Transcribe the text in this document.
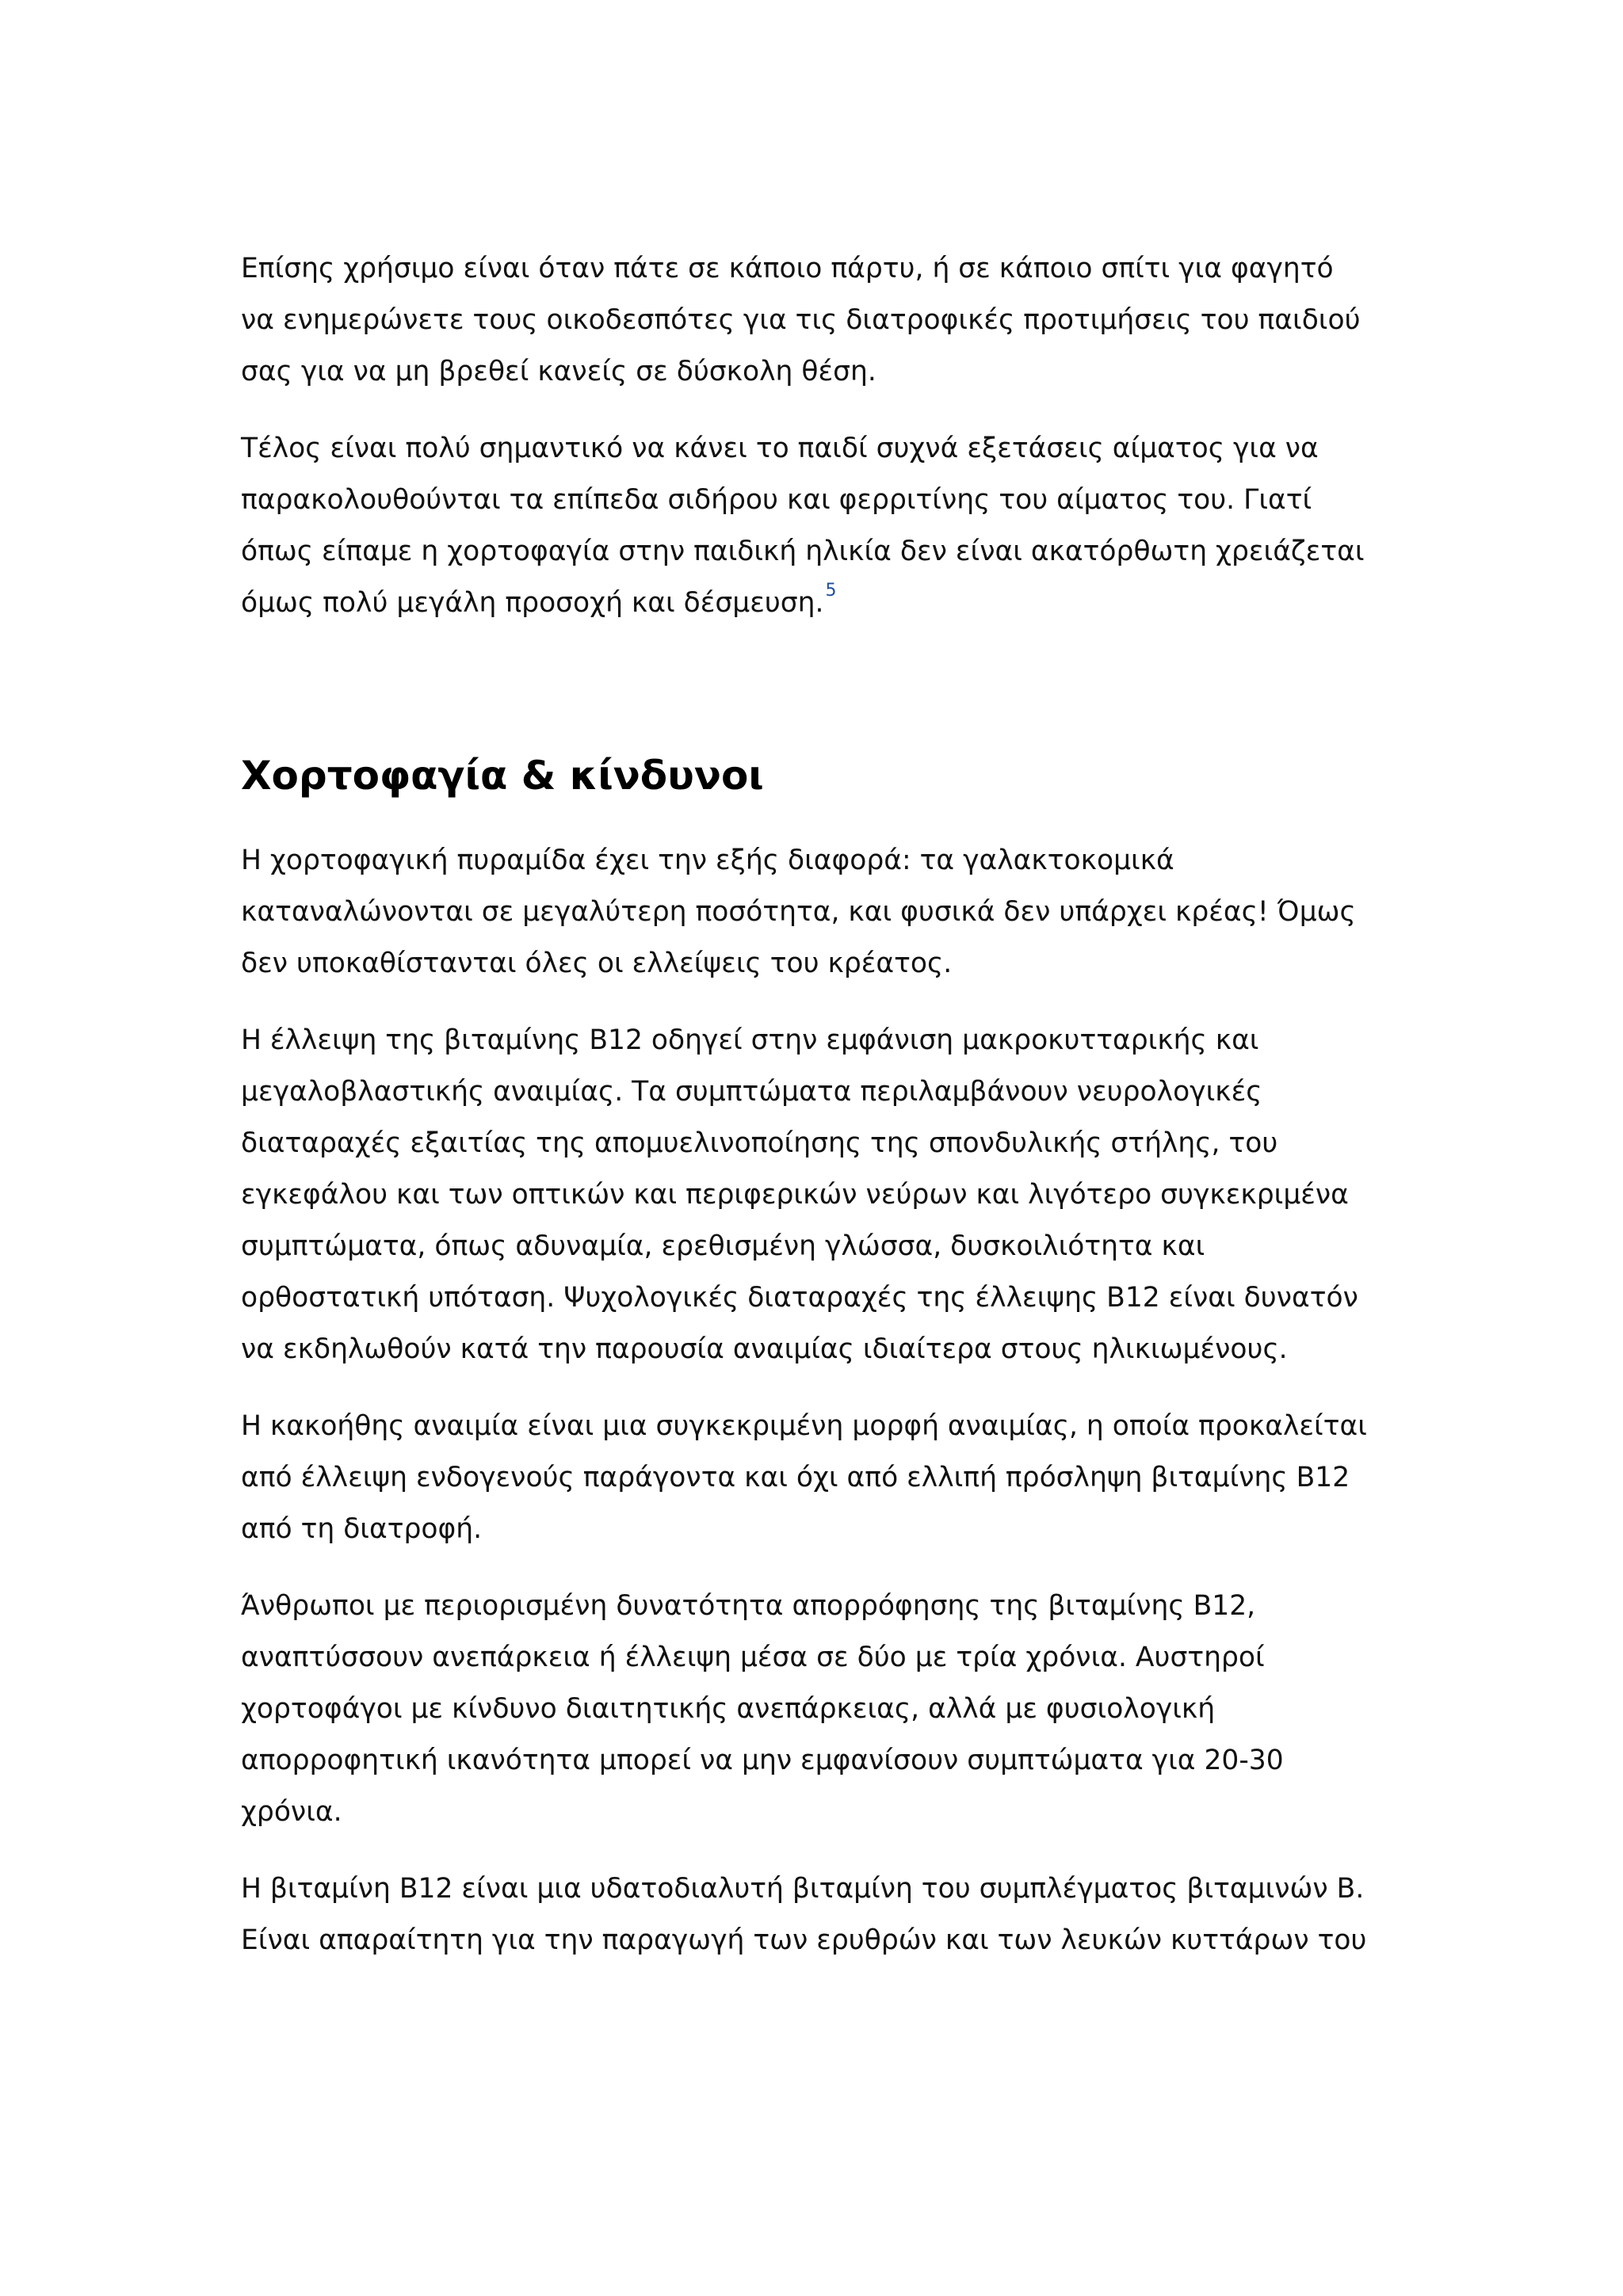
Επίσης χρήσιμο είναι όταν πάτε σε κάποιο πάρτυ, ή σε κάποιο σπίτι για φαγητό
να ενημερώνετε τους οικοδεσπότες για τις διατροφικές προτιμήσεις του παιδιού
σας για να μη βρεθεί κανείς σε δύσκολη θέση.

Τέλος είναι πολύ σημαντικό να κάνει το παιδί συχνά εξετάσεις αίματος για να
παρακολουθούνται τα επίπεδα σιδήρου και φερριτίνης του αίματος του. Γιατί
όπως είπαμε η χορτοφαγία στην παιδική ηλικία δεν είναι ακατόρθωτη χρειάζεται
όμως πολύ μεγάλη προσοχή και δέσμευση.$^5$

Χορτοφαγία & κίνδυνοι

Η χορτοφαγική πυραμίδα έχει την εξής διαφορά: τα γαλακτοκομικά
καταναλώνονται σε μεγαλύτερη ποσότητα, και φυσικά δεν υπάρχει κρέας! Όμως
δεν υποκαθίστανται όλες οι ελλείψεις του κρέατος.

Η έλλειψη της βιταμίνης Β12 οδηγεί στην εμφάνιση μακροκυτταρικής και
μεγαλοβλαστικής αναιμίας. Τα συμπτώματα περιλαμβάνουν νευρολογικές
διαταραχές εξαιτίας της απομυελινοποίησης της σπονδυλικής στήλης, του
εγκεφάλου και των οπτικών και περιφερικών νεύρων και λιγότερο συγκεκριμένα
συμπτώματα, όπως αδυναμία, ερεθισμένη γλώσσα, δυσκοιλιότητα και
ορθοστατική υπόταση. Ψυχολογικές διαταραχές της έλλειψης Β12 είναι δυνατόν
να εκδηλωθούν κατά την παρουσία αναιμίας ιδιαίτερα στους ηλικιωμένους.

Η κακοήθης αναιμία είναι μια συγκεκριμένη μορφή αναιμίας, η οποία προκαλείται
από έλλειψη ενδογενούς παράγοντα και όχι από ελλιπή πρόσληψη βιταμίνης Β12
από τη διατροφή.

Άνθρωποι με περιορισμένη δυνατότητα απορρόφησης της βιταμίνης Β12,
αναπτύσσουν ανεπάρκεια ή έλλειψη μέσα σε δύο με τρία χρόνια. Αυστηροί
χορτοφάγοι με κίνδυνο διαιτητικής ανεπάρκειας, αλλά με φυσιολογική
απορροφητική ικανότητα μπορεί να μην εμφανίσουν συμπτώματα για 20-30
χρόνια.

Η βιταμίνη Β12 είναι μια υδατοδιαλυτή βιταμίνη του συμπλέγματος βιταμινών Β.
Είναι απαραίτητη για την παραγωγή των ερυθρών και των λευκών κυττάρων του
